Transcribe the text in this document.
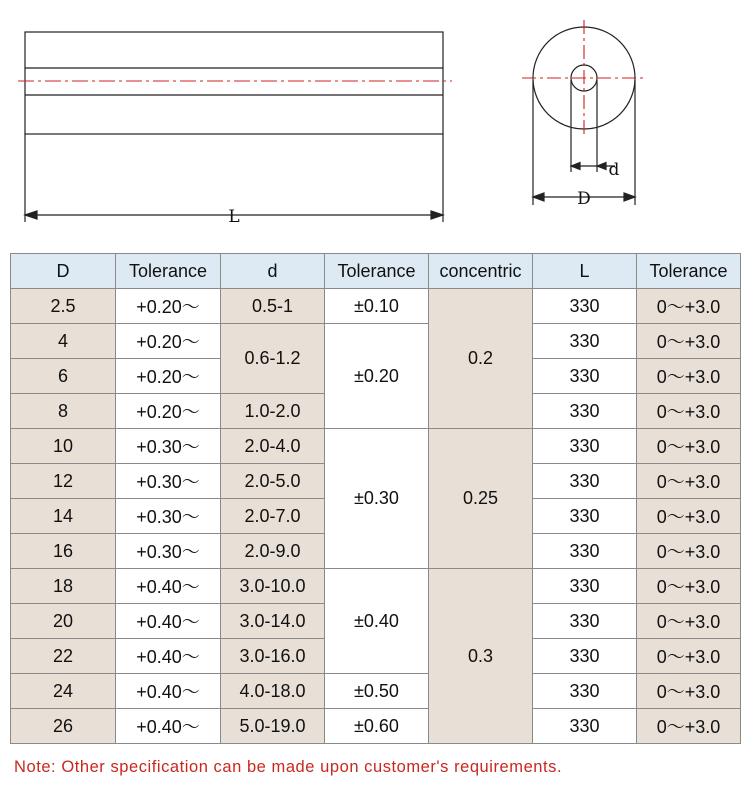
L
d
D
D	Tolerance	d	Tolerance	concentric	L	Tolerance
2.5	+0.20～	0.5-1	±0.10	0.2	330	0～+3.0
4	+0.20～	0.6-1.2	±0.20		330	0～+3.0
6	+0.20～				330	0～+3.0
8	+0.20～	1.0-2.0			330	0～+3.0
10	+0.30～	2.0-4.0	±0.30	0.25	330	0～+3.0
12	+0.30～	2.0-5.0			330	0～+3.0
14	+0.30～	2.0-7.0			330	0～+3.0
16	+0.30～	2.0-9.0			330	0～+3.0
18	+0.40～	3.0-10.0	±0.40	0.3	330	0～+3.0
20	+0.40～	3.0-14.0			330	0～+3.0
22	+0.40～	3.0-16.0			330	0～+3.0
24	+0.40～	4.0-18.0	±0.50		330	0～+3.0
26	+0.40～	5.0-19.0	±0.60		330	0～+3.0
Note: Other specification can be made upon customer's requirements.
